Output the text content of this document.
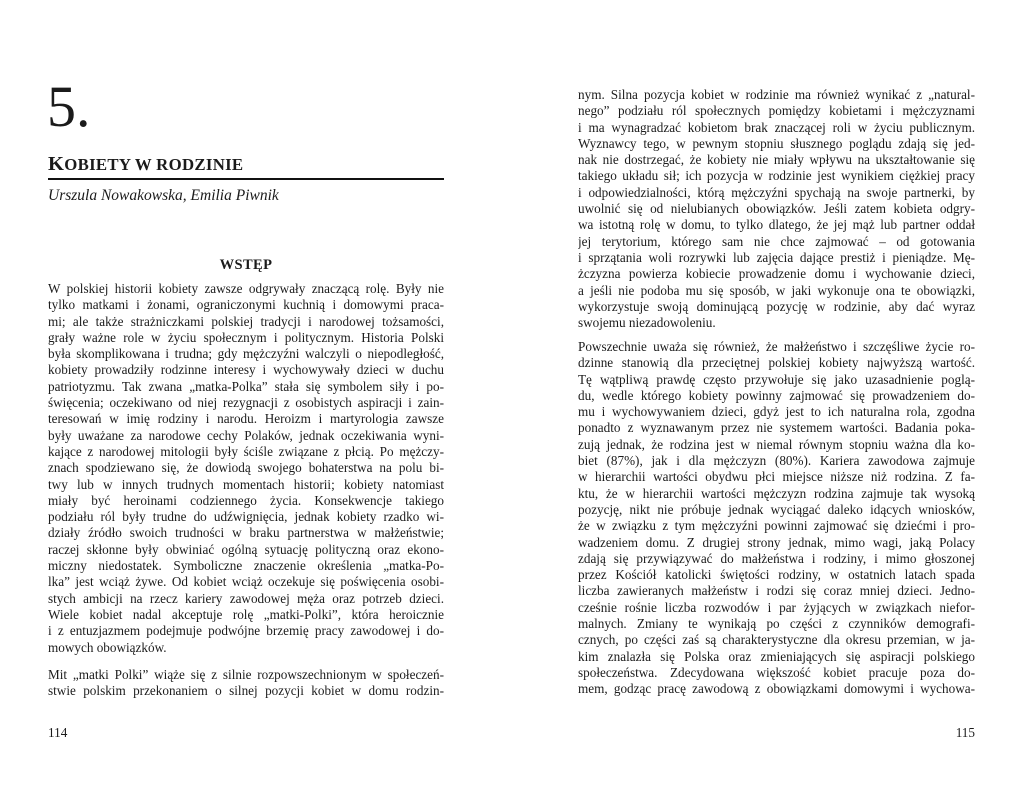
5.
KOBIETY W RODZINIE
Urszula Nowakowska, Emilia Piwnik
WSTĘP
W polskiej historii kobiety zawsze odgrywały znaczącą rolę. Były nie
tylko matkami i żonami, ograniczonymi kuchnią i domowymi praca-
mi; ale także strażniczkami polskiej tradycji i narodowej tożsamości,
grały ważne role w życiu społecznym i politycznym. Historia Polski
była skomplikowana i trudna; gdy mężczyźni walczyli o niepodległość,
kobiety prowadziły rodzinne interesy i wychowywały dzieci w duchu
patriotyzmu. Tak zwana „matka-Polka” stała się symbolem siły i po-
święcenia; oczekiwano od niej rezygnacji z osobistych aspiracji i zain-
teresowań w imię rodziny i narodu. Heroizm i martyrologia zawsze
były uważane za narodowe cechy Polaków, jednak oczekiwania wyni-
kające z narodowej mitologii były ściśle związane z płcią. Po mężczy-
znach spodziewano się, że dowiodą swojego bohaterstwa na polu bi-
twy lub w innych trudnych momentach historii; kobiety natomiast
miały być heroinami codziennego życia. Konsekwencje takiego
podziału ról były trudne do udźwignięcia, jednak kobiety rzadko wi-
działy źródło swoich trudności w braku partnerstwa w małżeństwie;
raczej skłonne były obwiniać ogólną sytuację polityczną oraz ekono-
miczny niedostatek. Symboliczne znaczenie określenia „matka-Po-
lka” jest wciąż żywe. Od kobiet wciąż oczekuje się poświęcenia osobi-
stych ambicji na rzecz kariery zawodowej męża oraz potrzeb dzieci.
Wiele kobiet nadal akceptuje rolę „matki-Polki”, która heroicznie
i z entuzjazmem podejmuje podwójne brzemię pracy zawodowej i do-
mowych obowiązków.
Mit „matki Polki” wiąże się z silnie rozpowszechnionym w społeczeń-
stwie polskim przekonaniem o silnej pozycji kobiet w domu rodzin-
114
nym. Silna pozycja kobiet w rodzinie ma również wynikać z „natural-
nego” podziału ról społecznych pomiędzy kobietami i mężczyznami
i ma wynagradzać kobietom brak znaczącej roli w życiu publicznym.
Wyznawcy tego, w pewnym stopniu słusznego poglądu zdają się jed-
nak nie dostrzegać, że kobiety nie miały wpływu na ukształtowanie się
takiego układu sił; ich pozycja w rodzinie jest wynikiem ciężkiej pracy
i odpowiedzialności, którą mężczyźni spychają na swoje partnerki, by
uwolnić się od nielubianych obowiązków. Jeśli zatem kobieta odgry-
wa istotną rolę w domu, to tylko dlatego, że jej mąż lub partner oddał
jej terytorium, którego sam nie chce zajmować – od gotowania
i sprzątania woli rozrywki lub zajęcia dające prestiż i pieniądze. Mę-
żczyzna powierza kobiecie prowadzenie domu i wychowanie dzieci,
a jeśli nie podoba mu się sposób, w jaki wykonuje ona te obowiązki,
wykorzystuje swoją dominującą pozycję w rodzinie, aby dać wyraz
swojemu niezadowoleniu.
Powszechnie uważa się również, że małżeństwo i szczęśliwe życie ro-
dzinne stanowią dla przeciętnej polskiej kobiety najwyższą wartość.
Tę wątpliwą prawdę często przywołuje się jako uzasadnienie poglą-
du, wedle którego kobiety powinny zajmować się prowadzeniem do-
mu i wychowywaniem dzieci, gdyż jest to ich naturalna rola, zgodna
ponadto z wyznawanym przez nie systemem wartości. Badania poka-
zują jednak, że rodzina jest w niemal równym stopniu ważna dla ko-
biet (87%), jak i dla mężczyzn (80%). Kariera zawodowa zajmuje
w hierarchii wartości obydwu płci miejsce niższe niż rodzina. Z fa-
ktu, że w hierarchii wartości mężczyzn rodzina zajmuje tak wysoką
pozycję, nikt nie próbuje jednak wyciągać daleko idących wniosków,
że w związku z tym mężczyźni powinni zajmować się dziećmi i pro-
wadzeniem domu. Z drugiej strony jednak, mimo wagi, jaką Polacy
zdają się przywiązywać do małżeństwa i rodziny, i mimo głoszonej
przez Kościół katolicki świętości rodziny, w ostatnich latach spada
liczba zawieranych małżeństw i rodzi się coraz mniej dzieci. Jedno-
cześnie rośnie liczba rozwodów i par żyjących w związkach niefor-
malnych. Zmiany te wynikają po części z czynników demografi-
cznych, po części zaś są charakterystyczne dla okresu przemian, w ja-
kim znalazła się Polska oraz zmieniających się aspiracji polskiego
społeczeństwa. Zdecydowana większość kobiet pracuje poza do-
mem, godząc pracę zawodową z obowiązkami domowymi i wychowa-
115
